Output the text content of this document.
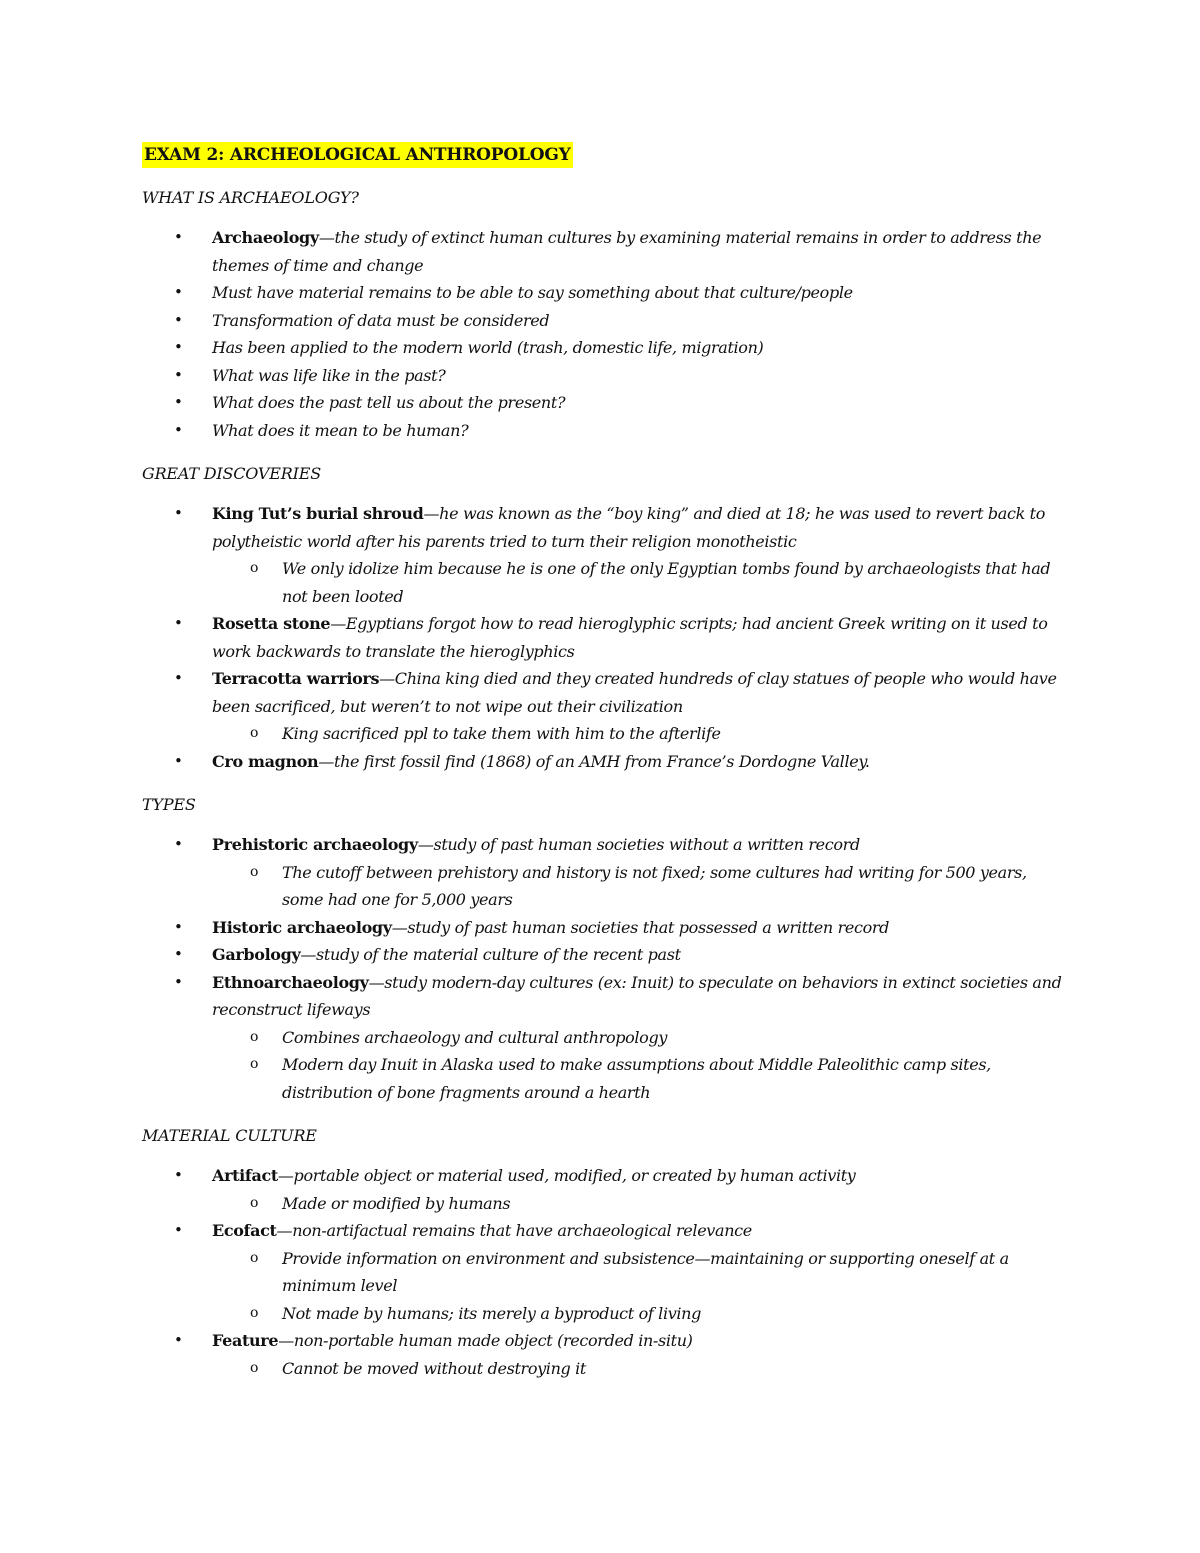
EXAM 2: ARCHEOLOGICAL ANTHROPOLOGY
WHAT IS ARCHAEOLOGY?
• Archaeology—the study of extinct human cultures by examining material remains in order to address the themes of time and change
• Must have material remains to be able to say something about that culture/people
• Transformation of data must be considered
• Has been applied to the modern world (trash, domestic life, migration)
• What was life like in the past?
• What does the past tell us about the present?
• What does it mean to be human?
GREAT DISCOVERIES
• King Tut’s burial shroud—he was known as the “boy king” and died at 18; he was used to revert back to polytheistic world after his parents tried to turn their religion monotheistic
o We only idolize him because he is one of the only Egyptian tombs found by archaeologists that had not been looted
• Rosetta stone—Egyptians forgot how to read hieroglyphic scripts; had ancient Greek writing on it used to work backwards to translate the hieroglyphics
• Terracotta warriors—China king died and they created hundreds of clay statues of people who would have been sacrificed, but weren’t to not wipe out their civilization
o King sacrificed ppl to take them with him to the afterlife
• Cro magnon—the first fossil find (1868) of an AMH from France’s Dordogne Valley.
TYPES
• Prehistoric archaeology—study of past human societies without a written record
o The cutoff between prehistory and history is not fixed; some cultures had writing for 500 years, some had one for 5,000 years
• Historic archaeology—study of past human societies that possessed a written record
• Garbology—study of the material culture of the recent past
• Ethnoarchaeology—study modern-day cultures (ex: Inuit) to speculate on behaviors in extinct societies and reconstruct lifeways
o Combines archaeology and cultural anthropology
o Modern day Inuit in Alaska used to make assumptions about Middle Paleolithic camp sites, distribution of bone fragments around a hearth
MATERIAL CULTURE
• Artifact—portable object or material used, modified, or created by human activity
o Made or modified by humans
• Ecofact—non-artifactual remains that have archaeological relevance
o Provide information on environment and subsistence—maintaining or supporting oneself at a minimum level
o Not made by humans; its merely a byproduct of living
• Feature—non-portable human made object (recorded in-situ)
o Cannot be moved without destroying it
